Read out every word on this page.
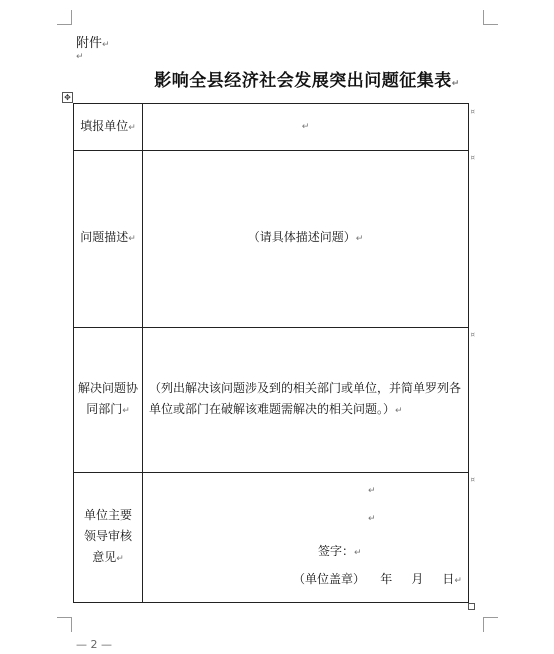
附件↵
↵
影响全县经济社会发展突出问题征集表↵
✥
填报单位↵	↵
¤
问题描述↵	（请具体描述问题）↵
¤
解决问题协同部门↵
（列出解决该问题涉及到的相关部门或单位，并简单罗列各单位或部门在破解该难题需解决的相关问题。）↵
¤
单位主要领导审核意见↵
↵
↵
签字：↵
（单位盖章）    年     月     日↵
¤
— 2 —
